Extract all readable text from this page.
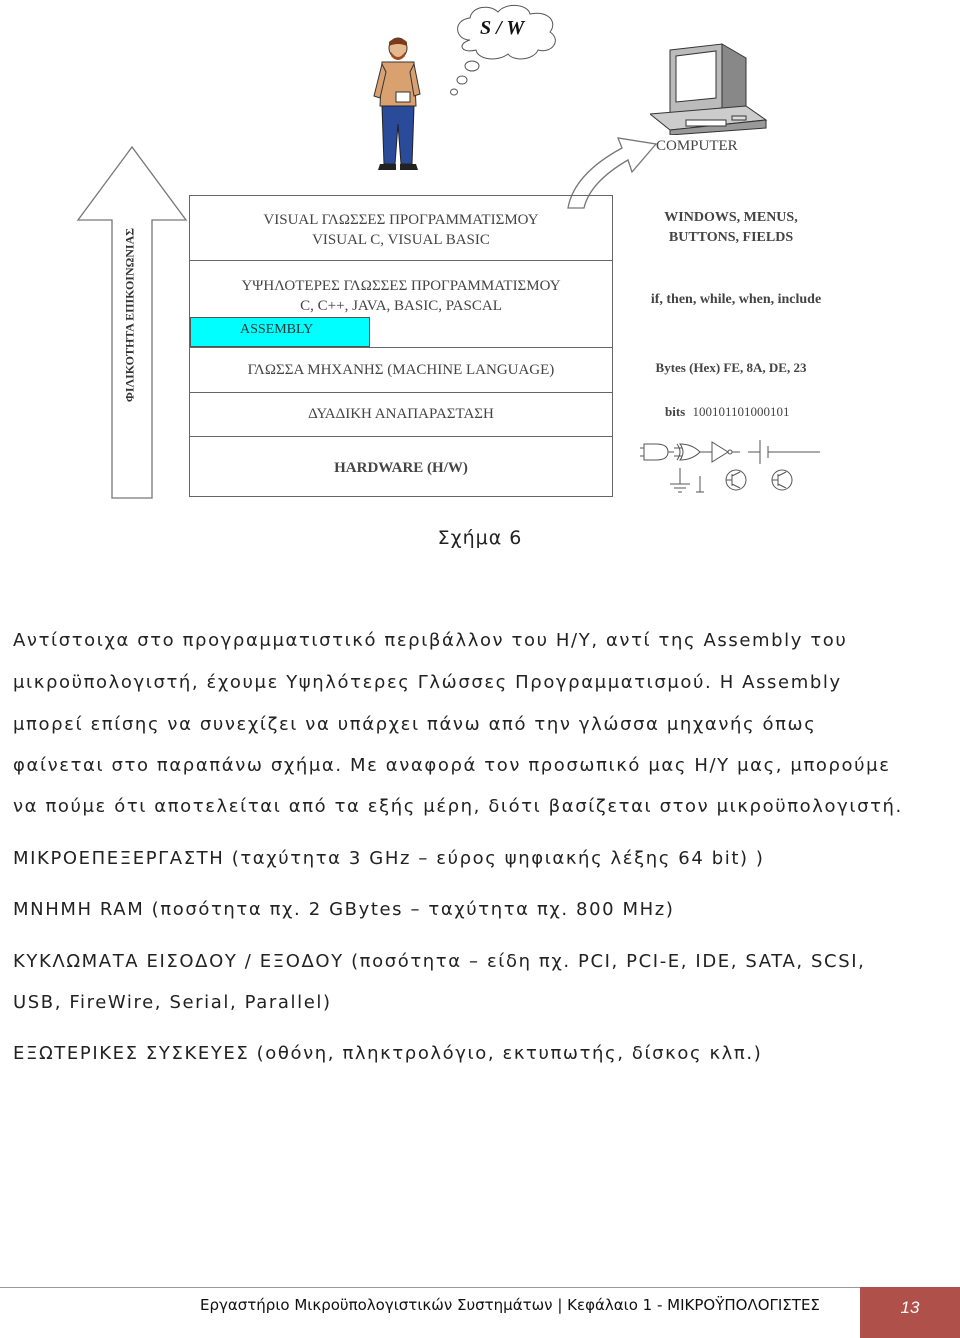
S / W
COMPUTER
ΦΙΛΙΚΟΤΗΤΑ ΕΠΙΚΟΙΝΩΝΙΑΣ
VISUAL ΓΛΩΣΣΕΣ ΠΡΟΓΡΑΜΜΑΤΙΣΜΟΥ
VISUAL C, VISUAL BASIC
ΥΨΗΛΟΤΕΡΕΣ ΓΛΩΣΣΕΣ ΠΡΟΓΡΑΜΜΑΤΙΣΜΟΥ
C, C++, JAVA, BASIC, PASCAL
ASSEMBLY
ΓΛΩΣΣΑ ΜΗΧΑΝΗΣ (MACHINE LANGUAGE)
ΔΥΑΔΙΚΗ ΑΝΑΠΑΡΑΣΤΑΣΗ
HARDWARE (H/W)
WINDOWS, MENUS,
BUTTONS, FIELDS
if, then, while, when, include
Bytes (Hex) FE, 8A, DE, 23
bits 100101101000101
Σχήμα 6
Αντίστοιχα στο προγραμματιστικό περιβάλλον του Η/Υ, αντί της Assembly του
μικροϋπολογιστή, έχουμε Υψηλότερες Γλώσσες Προγραμματισμού. Η Assembly
μπορεί επίσης να συνεχίζει να υπάρχει πάνω από την γλώσσα μηχανής όπως
φαίνεται στο παραπάνω σχήμα. Με αναφορά τον προσωπικό μας Η/Υ μας, μπορούμε
να πούμε ότι αποτελείται από τα εξής μέρη, διότι βασίζεται στον μικροϋπολογιστή.
ΜΙΚΡΟΕΠΕΞΕΡΓΑΣΤΗ (ταχύτητα 3 GHz – εύρος ψηφιακής λέξης 64 bit) )
ΜΝΗΜΗ RAM (ποσότητα πχ. 2 GBytes – ταχύτητα πχ. 800 MHz)
ΚΥΚΛΩΜΑΤΑ ΕΙΣΟΔΟΥ / ΕΞΟΔΟΥ (ποσότητα – είδη πχ. PCI, PCI-E, IDE, SATA, SCSI,
USB, FireWire, Serial, Parallel)
ΕΞΩΤΕΡΙΚΕΣ ΣΥΣΚΕΥΕΣ (οθόνη, πληκτρολόγιο, εκτυπωτής, δίσκος κλπ.)
Εργαστήριο Μικροϋπολογιστικών Συστημάτων | Κεφάλαιο 1 - ΜΙΚΡΟΫΠΟΛΟΓΙΣΤΕΣ	13
